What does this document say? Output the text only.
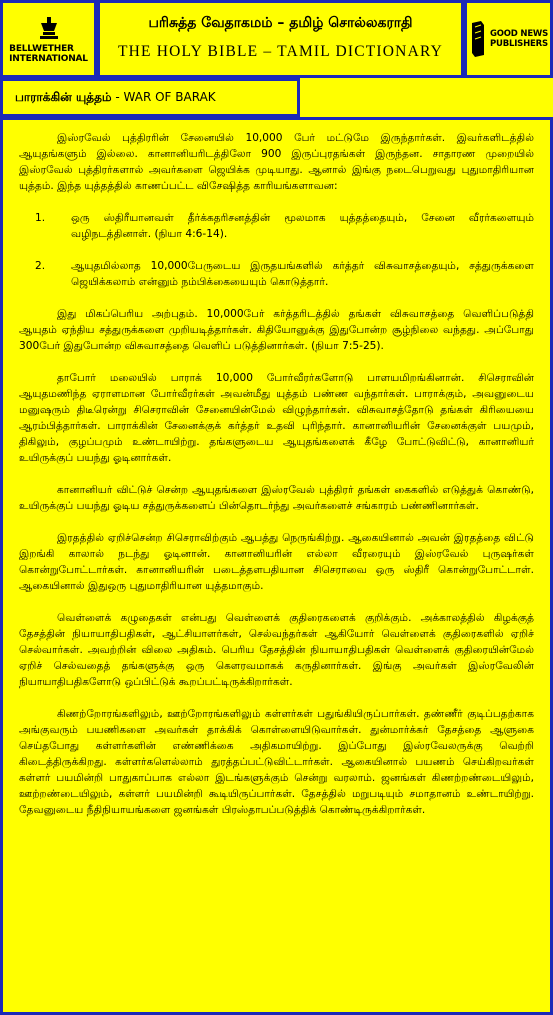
BELLWETHER
INTERNATIONAL
பரிசுத்த வேதாகமம் – தமிழ் சொல்லகராதி
THE HOLY BIBLE – TAMIL DICTIONARY
GOOD NEWS
PUBLISHERS
பாராக்கின் யுத்தம் - WAR OF BARAK

இஸ்ரவேல் புத்திரரின் சேனையில் 10,000 பேர் மட்டுமே இருந்தார்கள். இவர்களிடத்தில் ஆயுதங்களும் இல்லை. கானானியரிடத்திலோ 900 இருப்புரதங்கள் இருந்தன. சாதாரண முறையில் இஸ்ரவேல் புத்திரர்களால் அவர்களை ஜெயிக்க முடியாது. ஆனால் இங்கு நடைபெறுவது புதுமாதிரியான யுத்தம். இந்த யுத்தத்தில் காணப்பட்ட விசேஷித்த காரியங்களாவன:

1.	ஒரு ஸ்திரீயானவள் தீர்க்கதரிசனத்தின் மூலமாக யுத்தத்தையும், சேனை வீரர்களையும் வழிநடத்தினாள். (நியா 4:6-14).
2.	ஆயுதமில்லாத 10,000பேருடைய இருதயங்களில் கர்த்தர் விசுவாசத்தையும், சத்துருக்களை ஜெயிக்கலாம் என்னும் நம்பிக்கையையும் கொடுத்தார்.

இது மிகப்பெரிய அற்புதம். 10,000பேர் கர்த்தரிடத்தில் தங்கள் விசுவாசத்தை வெளிப்படுத்தி ஆயுதம் ஏந்திய சத்துருக்களை முறியடித்தார்கள். கிதியோனுக்கு இதுபோன்ற சூழ்நிலை வந்தது. அப்போது 300பேர் இதுபோன்ற விசுவாசத்தை வெளிப் படுத்தினார்கள். (நியா 7:5-25).

தாபோர் மலையில் பாராக் 10,000 போர்வீரர்களோடு பாளயமிறங்கினான். சிசெராவின் ஆயுதமணிந்த ஏராளமான போர்வீரர்கள் அவன்மீது யுத்தம் பண்ண வந்தார்கள். பாராக்கும், அவனுடைய மனுஷரும் திடீரென்று சிசெராவின் சேனையின்மேல் விழுந்தார்கள். விசுவாசத்தோடு தங்கள் கிரியையை ஆரம்பித்தார்கள். பாராக்கின் சேனைக்குக் கர்த்தர் உதவி புரிந்தார். கானானியரின் சேனைக்குள் பயமும், திகிலும், குழப்பமும் உண்டாயிற்று. தங்களுடைய ஆயுதங்களைக் கீழே போட்டுவிட்டு, கானானியர் உயிருக்குப் பயந்து ஓடினார்கள்.

கானானியர் விட்டுச் சென்ற ஆயுதங்களை இஸ்ரவேல் புத்திரர் தங்கள் கைகளில் எடுத்துக் கொண்டு, உயிருக்குப் பயந்து ஓடிய சத்துருக்களைப் பின்தொடர்ந்து அவர்களைச் சங்காரம் பண்ணினார்கள்.

இரதத்தில் ஏறிச்சென்ற சிசெராவிற்கும் ஆபத்து நெருங்கிற்று. ஆகையினால் அவன் இரதத்தை விட்டு இறங்கி காலால் நடந்து ஓடினான். கானானியரின் எல்லா வீரரையும் இஸ்ரவேல் புருஷர்கள் கொன்றுபோட்டார்கள். கானானியரின் படைத்தளபதியான சிசெராவை ஒரு ஸ்திரீ கொன்றுபோட்டாள். ஆகையினால் இதுஒரு புதுமாதிரியான யுத்தமாகும்.

வெள்ளைக் கழுதைகள் என்பது வெள்ளைக் குதிரைகளைக் குறிக்கும். அக்காலத்தில் கிழக்குத் தேசத்தின் நியாயாதிபதிகள், ஆட்சியாளர்கள், செல்வந்தர்கள் ஆகியோர் வெள்ளைக் குதிரைகளில் ஏறிச் செல்வார்கள். அவற்றின் விலை அதிகம். பெரிய தேசத்தின் நியாயாதிபதிகள் வெள்ளைக் குதிரையின்மேல் ஏறிச் செல்வதைத் தங்களுக்கு ஒரு கௌரவமாகக் கருதினார்கள். இங்கு அவர்கள் இஸ்ரவேலின் நியாயாதிபதிகளோடு ஒப்பிட்டுக் கூறப்பட்டிருக்கிறார்கள்.

கிணற்றோரங்களிலும், ஊற்றோரங்களிலும் கள்ளர்கள் பதுங்கியிருப்பார்கள். தண்ணீர் குடிப்பதற்காக அங்குவரும் பயணிகளை அவர்கள் தாக்கிக் கொள்ளையிடுவார்கள். துன்மார்க்கர் தேசத்தை ஆளுகை செய்தபோது கள்ளர்களின் எண்ணிக்கை அதிகமாயிற்று. இப்போது இஸ்ரவேலருக்கு வெற்றி கிடைத்திருக்கிறது. கள்ளர்களெல்லாம் துரத்தப்பட்டுவிட்டார்கள். ஆகையினால் பயணம் செய்கிறவர்கள் கள்ளர் பயமின்றி பாதுகாப்பாக எல்லா இடங்களுக்கும் சென்று வரலாம். ஜனங்கள் கிணற்றண்டையிலும், ஊற்றண்டையிலும், கள்ளர் பயமின்றி கூடியிருப்பார்கள். தேசத்தில் மறுபடியும் சமாதானம் உண்டாயிற்று. தேவனுடைய நீதிநியாயங்களை ஜனங்கள் பிரஸ்தாபப்படுத்திக் கொண்டிருக்கிறார்கள்.
